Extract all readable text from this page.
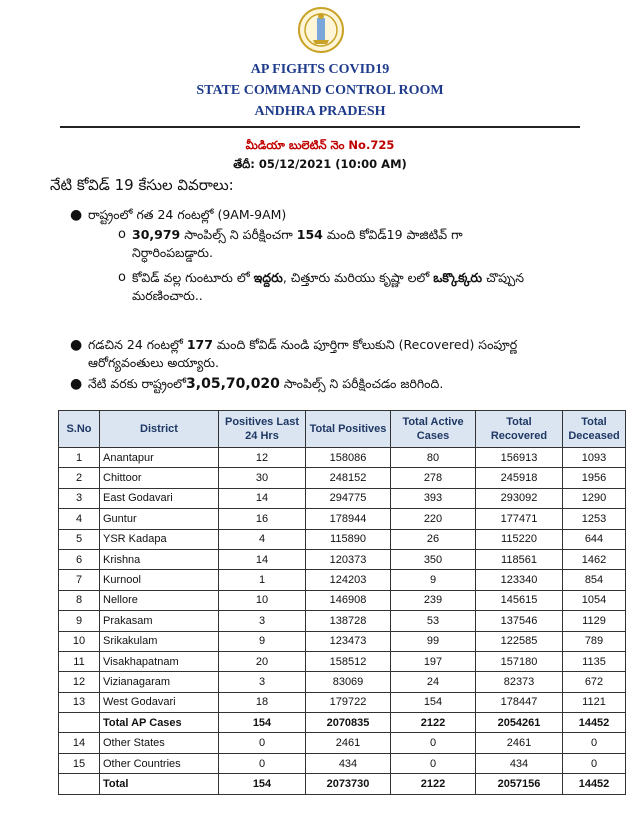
AP FIGHTS COVID19
STATE COMMAND CONTROL ROOM
ANDHRA PRADESH
మీడియా బులెటిన్ నెం No.725
తేదీ: 05/12/2021 (10:00 AM)
నేటి కోవిడ్ 19 కేసుల వివరాలు:
● రాష్ట్రంలో గత 24 గంటల్లో (9AM-9AM)
o 30,979 సాంపిల్స్ ని పరీక్షించగా 154 మంది కోవిడ్19 పాజిటివ్ గా
నిర్ధారింపబడ్డారు.
o కోవిడ్ వల్ల గుంటూరు లో ఇద్దరు, చిత్తూరు మరియు కృష్ణా లలో ఒక్కొక్కరు చొప్పున
మరణించారు..
● గడచిన 24 గంటల్లో 177 మంది కోవిడ్ నుండి పూర్తిగా కోలుకుని (Recovered) సంపూర్ణ
ఆరోగ్యవంతులు అయ్యారు.
● నేటి వరకు రాష్ట్రంలో3,05,70,020 సాంపిల్స్ ని పరీక్షించడం జరిగింది.
S.No	District	Positives Last 24 Hrs	Total Positives	Total Active Cases	Total Recovered	Total Deceased
1	Anantapur	12	158086	80	156913	1093
2	Chittoor	30	248152	278	245918	1956
3	East Godavari	14	294775	393	293092	1290
4	Guntur	16	178944	220	177471	1253
5	YSR Kadapa	4	115890	26	115220	644
6	Krishna	14	120373	350	118561	1462
7	Kurnool	1	124203	9	123340	854
8	Nellore	10	146908	239	145615	1054
9	Prakasam	3	138728	53	137546	1129
10	Srikakulam	9	123473	99	122585	789
11	Visakhapatnam	20	158512	197	157180	1135
12	Vizianagaram	3	83069	24	82373	672
13	West Godavari	18	179722	154	178447	1121
	Total AP Cases	154	2070835	2122	2054261	14452
14	Other States	0	2461	0	2461	0
15	Other Countries	0	434	0	434	0
	Total	154	2073730	2122	2057156	14452
